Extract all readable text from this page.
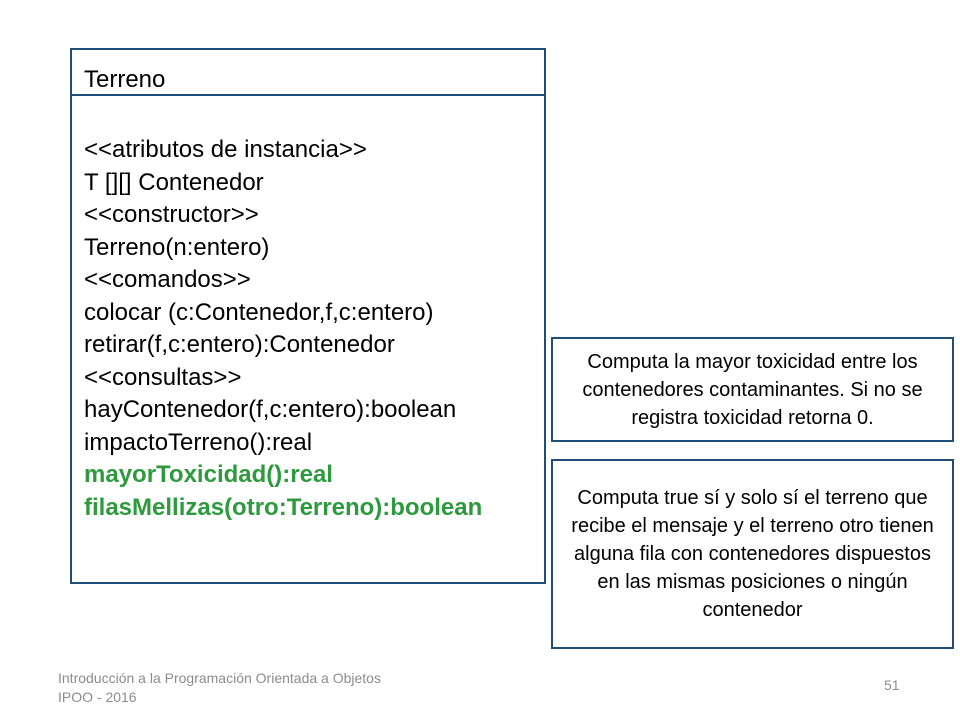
Terreno
<<atributos de instancia>>
T [][] Contenedor
<<constructor>>
Terreno(n:entero)
<<comandos>>
colocar (c:Contenedor,f,c:entero)
retirar(f,c:entero):Contenedor
<<consultas>>
hayContenedor(f,c:entero):boolean
impactoTerreno():real
mayorToxicidad():real
filasMellizas(otro:Terreno):boolean
Computa la mayor toxicidad entre los contenedores contaminantes. Si no se registra toxicidad retorna 0.
Computa true sí y solo sí el terreno que recibe el mensaje y el terreno otro tienen alguna fila con contenedores dispuestos en las mismas posiciones o ningún contenedor
Introducción a la Programación Orientada a Objetos
IPOO - 2016
51
